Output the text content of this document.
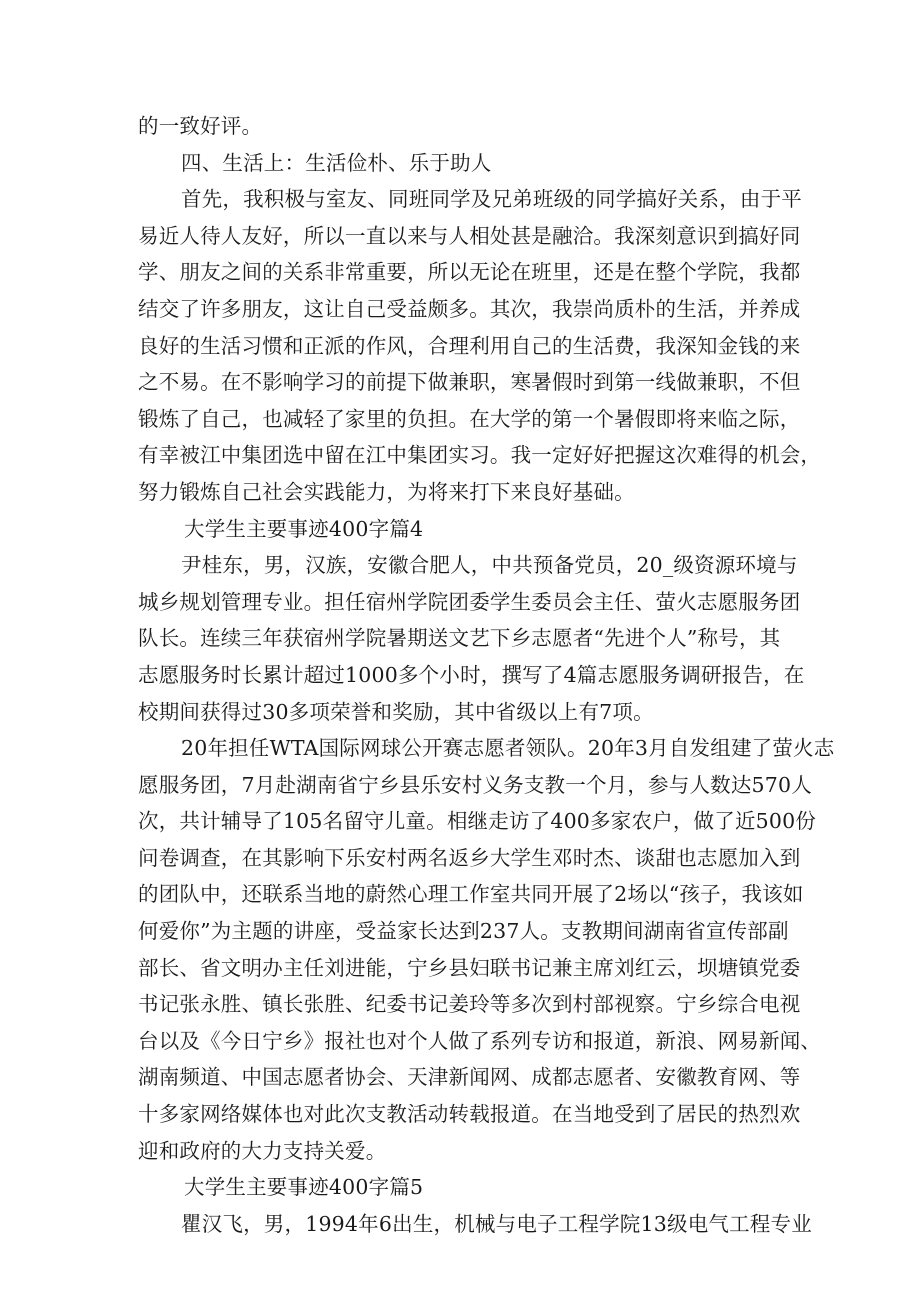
的一致好评。
四、生活上：生活俭朴、乐于助人
首先，我积极与室友、同班同学及兄弟班级的同学搞好关系，由于平
易近人待人友好，所以一直以来与人相处甚是融洽。我深刻意识到搞好同
学、朋友之间的关系非常重要，所以无论在班里，还是在整个学院，我都
结交了许多朋友，这让自己受益颇多。其次，我崇尚质朴的生活，并养成
良好的生活习惯和正派的作风，合理利用自己的生活费，我深知金钱的来
之不易。在不影响学习的前提下做兼职，寒暑假时到第一线做兼职，不但
锻炼了自己，也减轻了家里的负担。在大学的第一个暑假即将来临之际，
有幸被江中集团选中留在江中集团实习。我一定好好把握这次难得的机会，
努力锻炼自己社会实践能力，为将来打下来良好基础。
大学生主要事迹400字篇4
尹桂东，男，汉族，安徽合肥人，中共预备党员，20_级资源环境与
城乡规划管理专业。担任宿州学院团委学生委员会主任、萤火志愿服务团
队长。连续三年获宿州学院暑期送文艺下乡志愿者“先进个人”称号，其
志愿服务时长累计超过1000多个小时，撰写了4篇志愿服务调研报告，在
校期间获得过30多项荣誉和奖励，其中省级以上有7项。
20年担任WTA国际网球公开赛志愿者领队。20年3月自发组建了萤火志
愿服务团，7月赴湖南省宁乡县乐安村义务支教一个月，参与人数达570人
次，共计辅导了105名留守儿童。相继走访了400多家农户，做了近500份
问卷调查，在其影响下乐安村两名返乡大学生邓时杰、谈甜也志愿加入到
的团队中，还联系当地的蔚然心理工作室共同开展了2场以“孩子，我该如
何爱你”为主题的讲座，受益家长达到237人。支教期间湖南省宣传部副
部长、省文明办主任刘进能，宁乡县妇联书记兼主席刘红云，坝塘镇党委
书记张永胜、镇长张胜、纪委书记姜玲等多次到村部视察。宁乡综合电视
台以及《今日宁乡》报社也对个人做了系列专访和报道，新浪、网易新闻、
湖南频道、中国志愿者协会、天津新闻网、成都志愿者、安徽教育网、等
十多家网络媒体也对此次支教活动转载报道。在当地受到了居民的热烈欢
迎和政府的大力支持关爱。
大学生主要事迹400字篇5
瞿汉飞，男，1994年6出生，机械与电子工程学院13级电气工程专业
